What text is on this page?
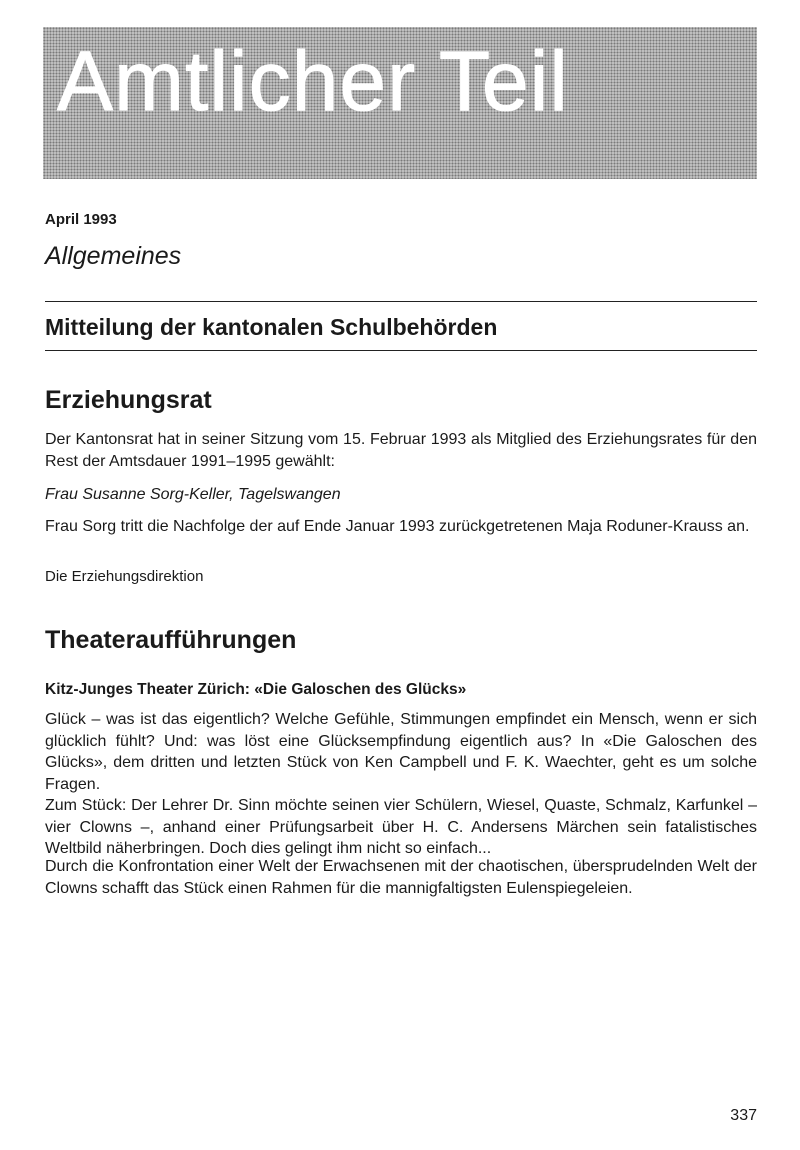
Amtlicher Teil
April 1993
Allgemeines
Mitteilung der kantonalen Schulbehörden
Erziehungsrat

Der Kantonsrat hat in seiner Sitzung vom 15. Februar 1993 als Mitglied des Erziehungsrates für den Rest der Amtsdauer 1991–1995 gewählt:

Frau Susanne Sorg-Keller, Tagelswangen

Frau Sorg tritt die Nachfolge der auf Ende Januar 1993 zurückgetretenen Maja Roduner-Krauss an.

Die Erziehungsdirektion

Theateraufführungen
Kitz-Junges Theater Zürich: «Die Galoschen des Glücks»

Glück – was ist das eigentlich? Welche Gefühle, Stimmungen empfindet ein Mensch, wenn er sich glücklich fühlt? Und: was löst eine Glücksempfindung eigentlich aus? In «Die Galoschen des Glücks», dem dritten und letzten Stück von Ken Campbell und F. K. Waechter, geht es um solche Fragen.

Zum Stück: Der Lehrer Dr. Sinn möchte seinen vier Schülern, Wiesel, Quaste, Schmalz, Karfunkel – vier Clowns –, anhand einer Prüfungsarbeit über H. C. Andersens Märchen sein fatalistisches Weltbild näherbringen. Doch dies gelingt ihm nicht so einfach...

Durch die Konfrontation einer Welt der Erwachsenen mit der chaotischen, übersprudelnden Welt der Clowns schafft das Stück einen Rahmen für die mannigfaltigsten Eulenspiegeleien.

337
